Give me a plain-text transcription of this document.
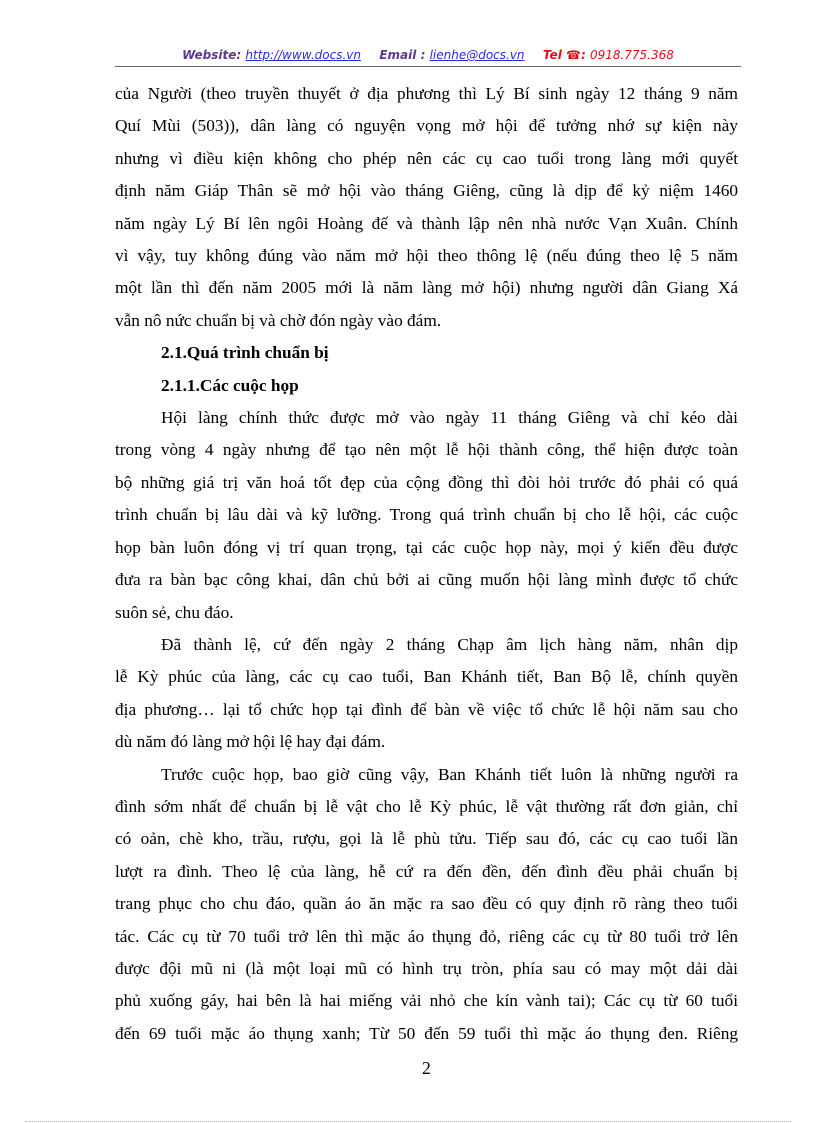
Website: http://www.docs.vn Email : lienhe@docs.vn Tel ☎: 0918.775.368

của Người (theo truyền thuyết ở địa phương thì Lý Bí sinh ngày 12 tháng 9 năm

Quí Mùi (503)), dân làng có nguyện vọng mở hội để tưởng nhớ sự kiện này

nhưng vì điều kiện không cho phép nên các cụ cao tuổi trong làng mới quyết

định năm Giáp Thân sẽ mở hội vào tháng Giêng, cũng là dịp để kỷ niệm 1460

năm ngày Lý Bí lên ngôi Hoàng đế và thành lập nên nhà nước Vạn Xuân. Chính

vì vậy, tuy không đúng vào năm mở hội theo thông lệ (nếu đúng theo lệ 5 năm

một lần thì đến năm 2005 mới là năm làng mở hội) nhưng người dân Giang Xá

vẫn nô nức chuẩn bị và chờ đón ngày vào đám.

2.1.Quá trình chuẩn bị
2.1.1.Các cuộc họp

Hội làng chính thức được mở vào ngày 11 tháng Giêng và chỉ kéo dài

trong vòng 4 ngày nhưng để tạo nên một lễ hội thành công, thể hiện được toàn

bộ những giá trị văn hoá tốt đẹp của cộng đồng thì đòi hỏi trước đó phải có quá

trình chuẩn bị lâu dài và kỹ lưỡng. Trong quá trình chuẩn bị cho lễ hội, các cuộc

họp bàn luôn đóng vị trí quan trọng, tại các cuộc họp này, mọi ý kiến đều được

đưa ra bàn bạc công khai, dân chủ bởi ai cũng muốn hội làng mình được tổ chức

suôn sẻ, chu đáo.

Đã thành lệ, cứ đến ngày 2 tháng Chạp âm lịch hàng năm, nhân dịp

lễ Kỳ phúc của làng, các cụ cao tuổi, Ban Khánh tiết, Ban Bộ lễ, chính quyền

địa phương… lại tổ chức họp tại đình để bàn về việc tổ chức lễ hội năm sau cho

dù năm đó làng mở hội lệ hay đại đám.

Trước cuộc họp, bao giờ cũng vậy, Ban Khánh tiết luôn là những người ra

đình sớm nhất để chuẩn bị lễ vật cho lễ Kỳ phúc, lễ vật thường rất đơn giản, chỉ

có oản, chè kho, trầu, rượu, gọi là lễ phù tửu. Tiếp sau đó, các cụ cao tuổi lần

lượt ra đình. Theo lệ của làng, hễ cứ ra đến đền, đến đình đều phải chuẩn bị

trang phục cho chu đáo, quần áo ăn mặc ra sao đều có quy định rõ ràng theo tuổi

tác. Các cụ từ 70 tuổi trở lên thì mặc áo thụng đỏ, riêng các cụ từ 80 tuổi trở lên

được đội mũ ni (là một loại mũ có hình trụ tròn, phía sau có may một dải dài

phủ xuống gáy, hai bên là hai miếng vải nhỏ che kín vành tai); Các cụ từ 60 tuổi

đến 69 tuổi mặc áo thụng xanh; Từ 50 đến 59 tuổi thì mặc áo thụng đen. Riêng

2
